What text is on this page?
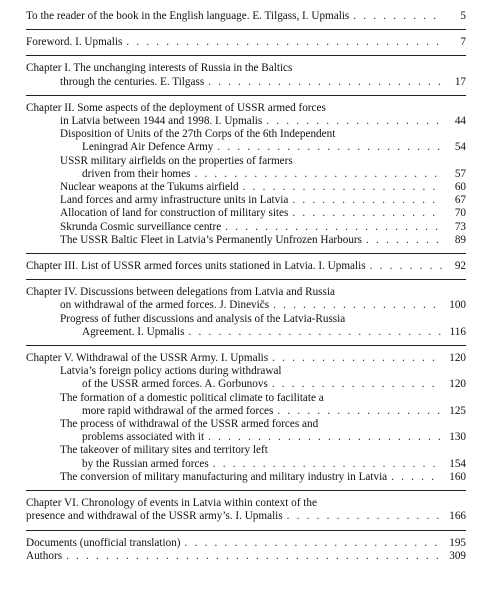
To the reader of the book in the English language. E. Tilgass, I. Upmalis . . .	5
Foreword. I. Upmalis . . .	7
Chapter I. The unchanging interests of Russia in the Baltics
through the centuries. E. Tilgass . . .	17
Chapter II. Some aspects of the deployment of USSR armed forces
in Latvia between 1944 and 1998. I. Upmalis . . .	44
Disposition of Units of the 27th Corps of the 6th Independent
Leningrad Air Defence Army . . .	54
USSR military airfields on the properties of farmers
driven from their homes . . .	57
Nuclear weapons at the Tukums airfield . . .	60
Land forces and army infrastructure units in Latvia . . .	67
Allocation of land for construction of military sites . . .	70
Skrunda Cosmic surveillance centre . . .	73
The USSR Baltic Fleet in Latvia’s Permanently Unfrozen Harbours . . .	89
Chapter III. List of USSR armed forces units stationed in Latvia. I. Upmalis . . .	92
Chapter IV. Discussions between delegations from Latvia and Russia
on withdrawal of the armed forces. J. Dinevičs . . .	100
Progress of futher discussions and analysis of the Latvia-Russia
Agreement. I. Upmalis . . .	116
Chapter V. Withdrawal of the USSR Army. I. Upmalis . . .	120
Latvia’s foreign policy actions during withdrawal
of the USSR armed forces. A. Gorbunovs . . .	120
The formation of a domestic political climate to facilitate a
more rapid withdrawal of the armed forces . . .	125
The process of withdrawal of the USSR armed forces and
problems associated with it . . .	130
The takeover of military sites and territory left
by the Russian armed forces . . .	154
The conversion of military manufacturing and military industry in Latvia . . .	160
Chapter VI. Chronology of events in Latvia within context of the
presence and withdrawal of the USSR army’s. I. Upmalis . . .	166
Documents (unofficial translation) . . .	195
Authors . . .	309
